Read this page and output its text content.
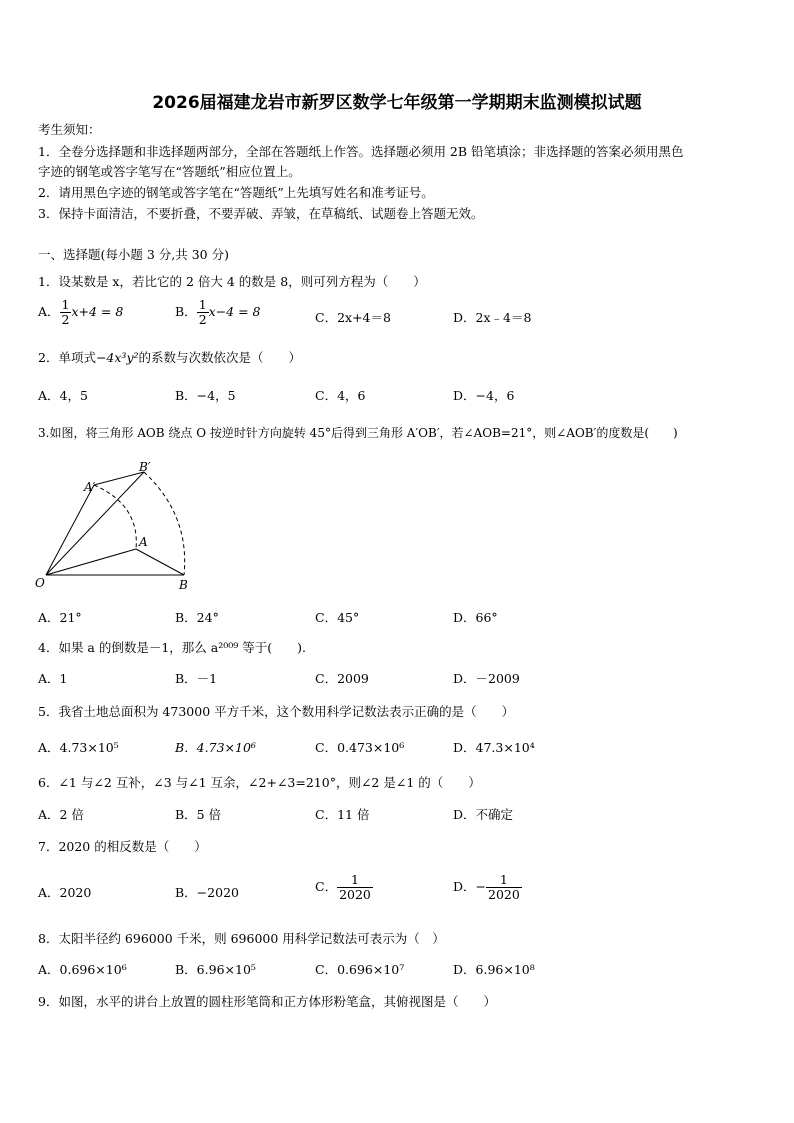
2026届福建龙岩市新罗区数学七年级第一学期期末监测模拟试题
考生须知：
1．全卷分选择题和非选择题两部分，全部在答题纸上作答。选择题必须用 2B 铅笔填涂；非选择题的答案必须用黑色
字迹的钢笔或答字笔写在“答题纸”相应位置上。
2．请用黑色字迹的钢笔或答字笔在“答题纸”上先填写姓名和准考证号。
3．保持卡面清洁，不要折叠，不要弄破、弄皱，在草稿纸、试题卷上答题无效。
一、选择题(每小题 3 分,共 30 分)
1．设某数是 x，若比它的 2 倍大 4 的数是 8，则可列方程为（　　）
A． $\frac{1}{2} x+4 = 8$	B． $\frac{1}{2} x-4 = 8$	C．2x+4＝8	D．2x﹣4＝8
2．单项式−4x³y²的系数与次数依次是（　　）
A．4，5	B．−4，5	C．4，6	D．−4，6
3.如图，将三角形 AOB 绕点 O 按逆时针方向旋转 45°后得到三角形 A′OB′，若∠AOB=21°，则∠AOB′的度数是(　　)
O	B
A
A′
B′
A．21°	B．24°	C．45°	D．66°
4．如果 a 的倒数是－1，那么 a²⁰⁰⁹ 等于(　　).
A．1	B．－1	C．2009	D．－2009
5．我省土地总面积为 473000 平方千米，这个数用科学记数法表示正确的是（　　）
A．4.73×10⁵	B．4.73×10⁶	C．0.473×10⁶	D．47.3×10⁴
6．∠1 与∠2 互补，∠3 与∠1 互余，∠2+∠3=210°，则∠2 是∠1 的（　　）
A．2 倍	B．5 倍	C．11 倍	D．不确定
7．2020 的相反数是（　　）
A．2020	B．−2020	C． $\frac{1}{2020}$	D．− $\frac{1}{2020}$
8．太阳半径约 696000 千米，则 696000 用科学记数法可表示为（　）
A．0.696×10⁶	B．6.96×10⁵	C．0.696×10⁷	D．6.96×10⁸
9．如图，水平的讲台上放置的圆柱形笔筒和正方体形粉笔盒，其俯视图是（　　）
